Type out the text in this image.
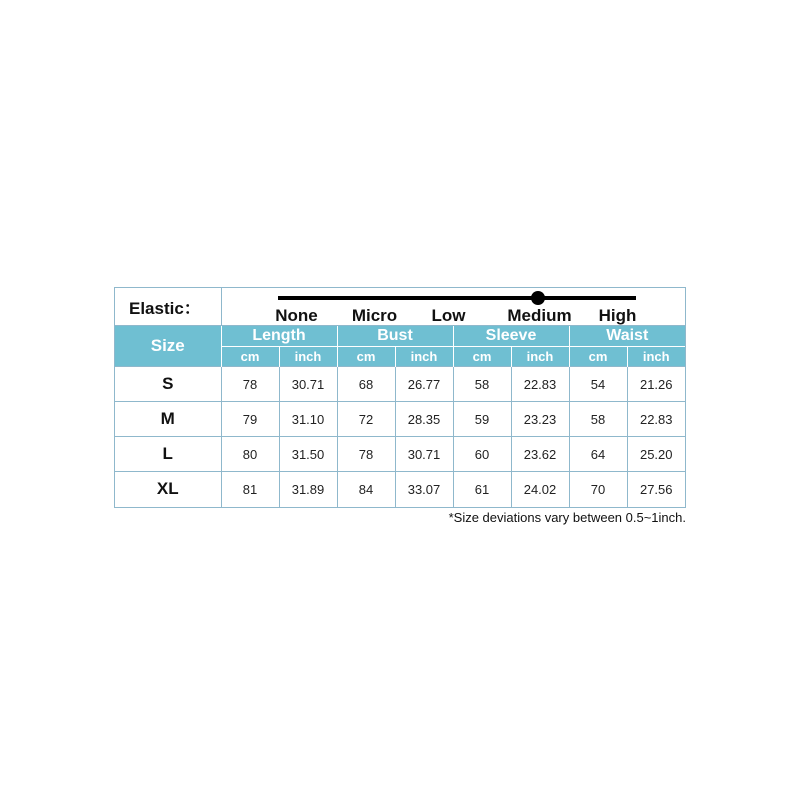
Elastic：	None Micro Low Medium High							

Size	Length		Bust		Sleeve		Waist	
	cm	inch	cm	inch	cm	inch	cm	inch
S	78	30.71	68	26.77	58	22.83	54	21.26
M	79	31.10	72	28.35	59	23.23	58	22.83
L	80	31.50	78	30.71	60	23.62	64	25.20
XL	81	31.89	84	33.07	61	24.02	70	27.56
*Size deviations vary between 0.5~1inch.
